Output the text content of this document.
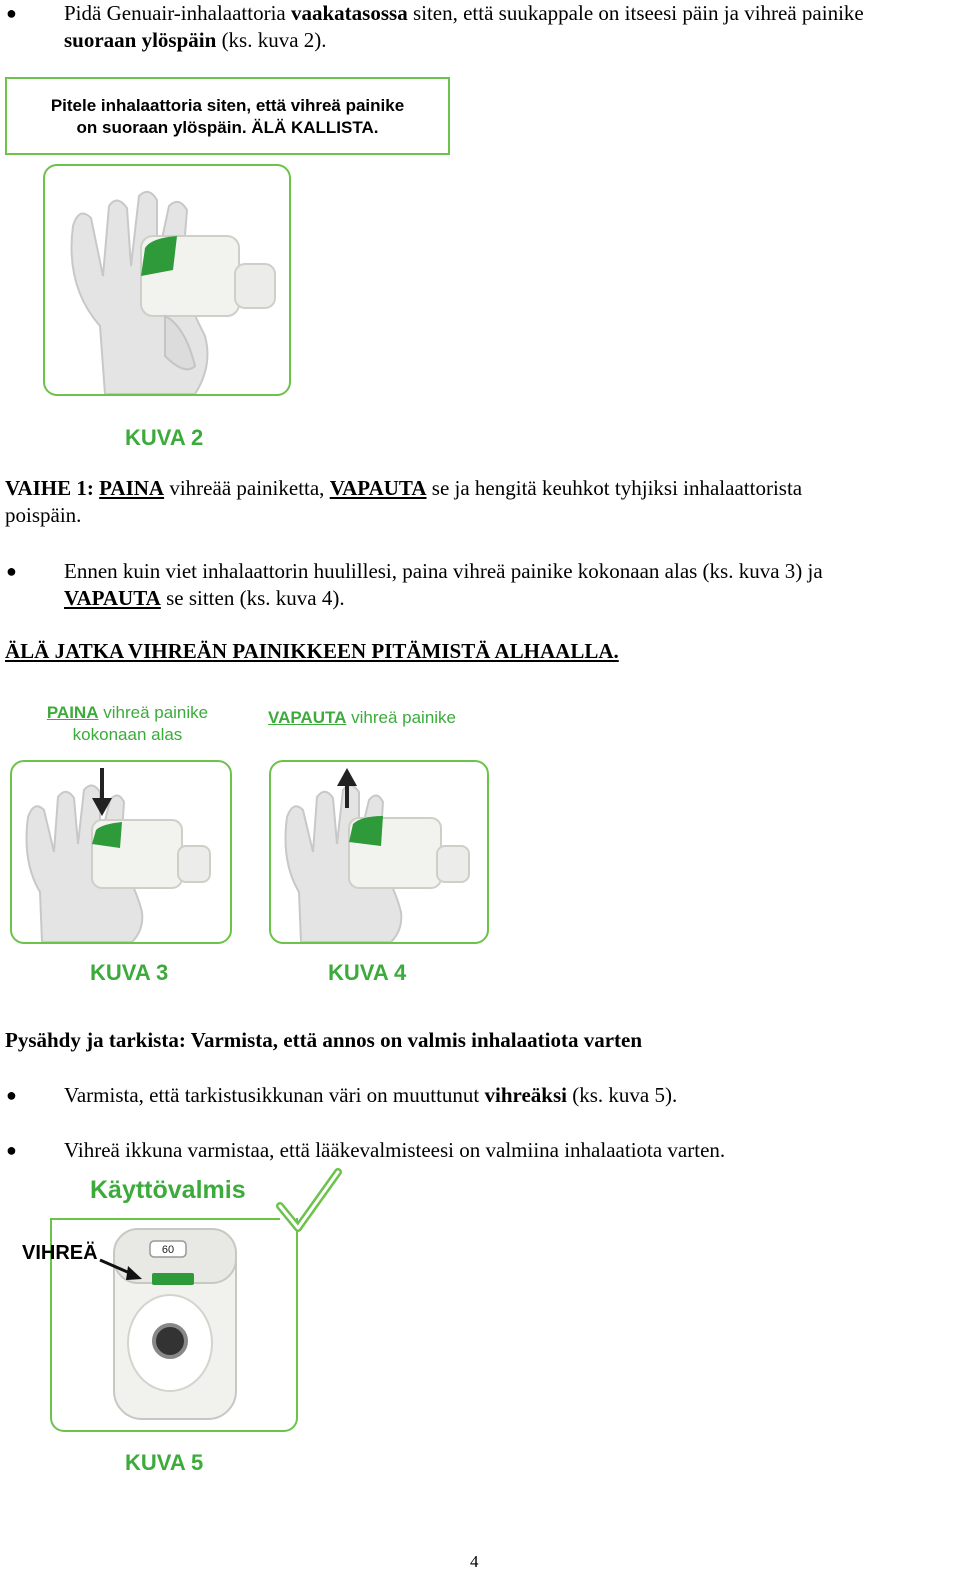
● Pidä Genuair-inhalaattoria vaakatasossa siten, että suukappale on itseesi päin ja vihreä painike
suoraan ylöspäin (ks. kuva 2).
Pitele inhalaattoria siten, että vihreä painike
on suoraan ylöspäin. ÄLÄ KALLISTA.
KUVA 2
VAIHE 1: PAINA vihreää painiketta, VAPAUTA se ja hengitä keuhkot tyhjiksi inhalaattorista
poispäin.
● Ennen kuin viet inhalaattorin huulillesi, paina vihreä painike kokonaan alas (ks. kuva 3) ja
VAPAUTA se sitten (ks. kuva 4).
ÄLÄ JATKA VIHREÄN PAINIKKEEN PITÄMISTÄ ALHAALLA.
PAINA vihreä painike
kokonaan alas
VAPAUTA vihreä painike
KUVA 3	KUVA 4
Pysähdy ja tarkista: Varmista, että annos on valmis inhalaatiota varten
● Varmista, että tarkistusikkunan väri on muuttunut vihreäksi (ks. kuva 5).
● Vihreä ikkuna varmistaa, että lääkevalmisteesi on valmiina inhalaatiota varten.
Käyttövalmis
60
VIHREÄ
KUVA 5
4
